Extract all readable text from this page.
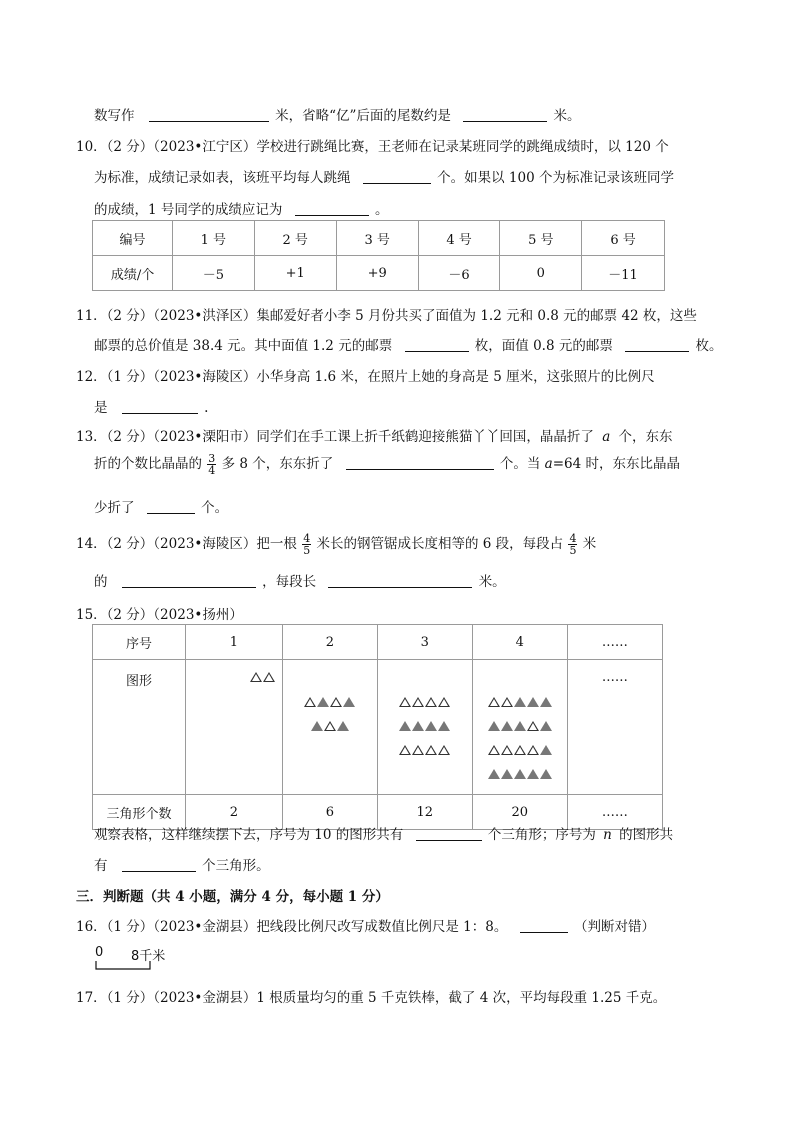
数写作	米，省略“亿”后面的尾数约是	米。
10．（2 分）（2023•江宁区）学校进行跳绳比赛，王老师在记录某班同学的跳绳成绩时，以 120 个
为标准，成绩记录如表，该班平均每人跳绳	个。如果以 100 个为标准记录该班同学
的成绩，1 号同学的成绩应记为	。
编号	1 号	2 号	3 号	4 号	5 号	6 号
成绩/个	－5	+1	+9	－6	0	－11
11．（2 分）（2023•洪泽区）集邮爱好者小李 5 月份共买了面值为 1.2 元和 0.8 元的邮票 42 枚，这些
邮票的总价值是 38.4 元。其中面值 1.2 元的邮票	枚，面值 0.8 元的邮票	枚。
12．（1 分）（2023•海陵区）小华身高 1.6 米，在照片上她的身高是 5 厘米，这张照片的比例尺
是	.
13．（2 分）（2023•溧阳市）同学们在手工课上折千纸鹤迎接熊猫丫丫回国，晶晶折了 a 个，东东
折的个数比晶晶的 $\frac{3}{4}$ 多 8 个，东东折了	个。当 a=64 时，东东比晶晶
少折了	个。
14．（2 分）（2023•海陵区）把一根 $\frac{4}{5}$ 米长的钢管锯成长度相等的 6 段，每段占 $\frac{4}{5}$ 米
的	，每段长	米。
15．（2 分）（2023•扬州）
序号	1	2	3	4	……
图形					……
三角形个数	2	6	12	20	……
观察表格，这样继续摆下去，序号为 10 的图形共有	个三角形；序号为 n 的图形共
有	个三角形。
三．判断题（共 4 小题，满分 4 分，每小题 1 分）
16．（1 分）（2023•金湖县）把线段比例尺改写成数值比例尺是 1：8。	（判断对错）
0 8千米
17．（1 分）（2023•金湖县）1 根质量均匀的重 5 千克铁棒，截了 4 次，平均每段重 1.25 千克。
